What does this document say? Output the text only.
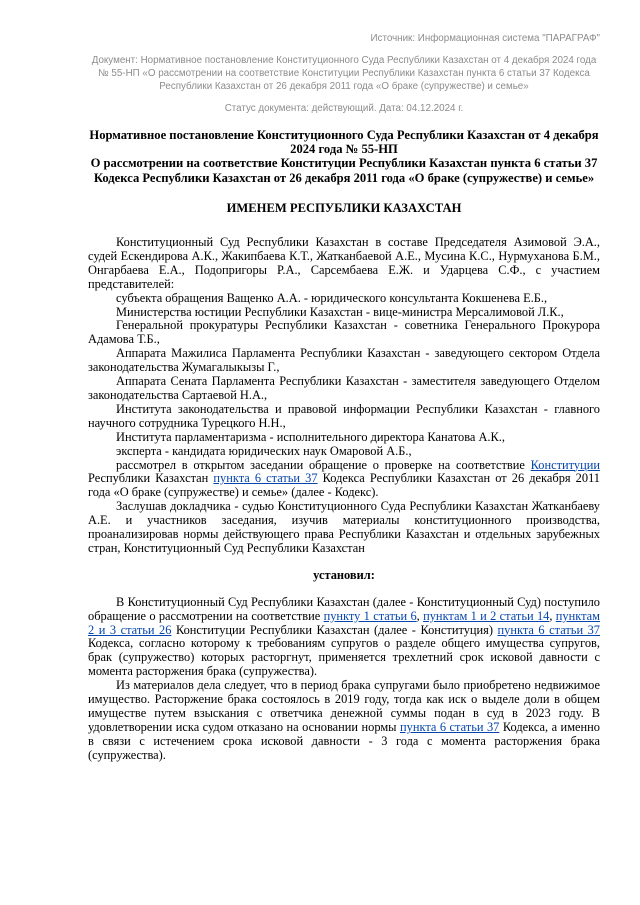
Источник: Информационная система "ПАРАГРАФ"
Документ: Нормативное постановление Конституционного Суда Республики Казахстан от 4 декабря 2024 года № 55-НП «О рассмотрении на соответствие Конституции Республики Казахстан пункта 6 статьи 37 Кодекса Республики Казахстан от 26 декабря 2011 года «О браке (супружестве) и семье»
Статус документа: действующий. Дата: 04.12.2024 г.
Нормативное постановление Конституционного Суда Республики Казахстан от 4 декабря 2024 года № 55-НП
О рассмотрении на соответствие Конституции Республики Казахстан пункта 6 статьи 37 Кодекса Республики Казахстан от 26 декабря 2011 года «О браке (супружестве) и семье»
ИМЕНЕМ РЕСПУБЛИКИ КАЗАХСТАН

Конституционный Суд Республики Казахстан в составе Председателя Азимовой Э.А., судей Ескендирова А.К., Жакипбаева К.Т., Жатканбаевой А.Е., Мусина К.С., Нурмуханова Б.М., Онгарбаева Е.А., Подопригоры Р.А., Сарсембаева Е.Ж. и Ударцева С.Ф., с участием представителей:

субъекта обращения Ващенко А.А. - юридического консультанта Кокшенева Е.Б.,

Министерства юстиции Республики Казахстан - вице-министра Мерсалимовой Л.К.,

Генеральной прокуратуры Республики Казахстан - советника Генерального Прокурора Адамова Т.Б.,

Аппарата Мажилиса Парламента Республики Казахстан - заведующего сектором Отдела законодательства Жумагалыкызы Г.,

Аппарата Сената Парламента Республики Казахстан - заместителя заведующего Отделом законодательства Сартаевой Н.А.,

Института законодательства и правовой информации Республики Казахстан - главного научного сотрудника Турецкого Н.Н.,

Института парламентаризма - исполнительного директора Канатова А.К.,

эксперта - кандидата юридических наук Омаровой А.Б.,

рассмотрел в открытом заседании обращение о проверке на соответствие Конституции Республики Казахстан пункта 6 статьи 37 Кодекса Республики Казахстан от 26 декабря 2011 года «О браке (супружестве) и семье» (далее - Кодекс).

Заслушав докладчика - судью Конституционного Суда Республики Казахстан Жатканбаеву А.Е. и участников заседания, изучив материалы конституционного производства, проанализировав нормы действующего права Республики Казахстан и отдельных зарубежных стран, Конституционный Суд Республики Казахстан

установил:

В Конституционный Суд Республики Казахстан (далее - Конституционный Суд) поступило обращение о рассмотрении на соответствие пункту 1 статьи 6, пунктам 1 и 2 статьи 14, пунктам 2 и 3 статьи 26 Конституции Республики Казахстан (далее - Конституция) пункта 6 статьи 37 Кодекса, согласно которому к требованиям супругов о разделе общего имущества супругов, брак (супружество) которых расторгнут, применяется трехлетний срок исковой давности с момента расторжения брака (супружества).

Из материалов дела следует, что в период брака супругами было приобретено недвижимое имущество. Расторжение брака состоялось в 2019 году, тогда как иск о выделе доли в общем имуществе путем взыскания с ответчика денежной суммы подан в суд в 2023 году. В удовлетворении иска судом отказано на основании нормы пункта 6 статьи 37 Кодекса, а именно в связи с истечением срока исковой давности - 3 года с момента расторжения брака (супружества).
